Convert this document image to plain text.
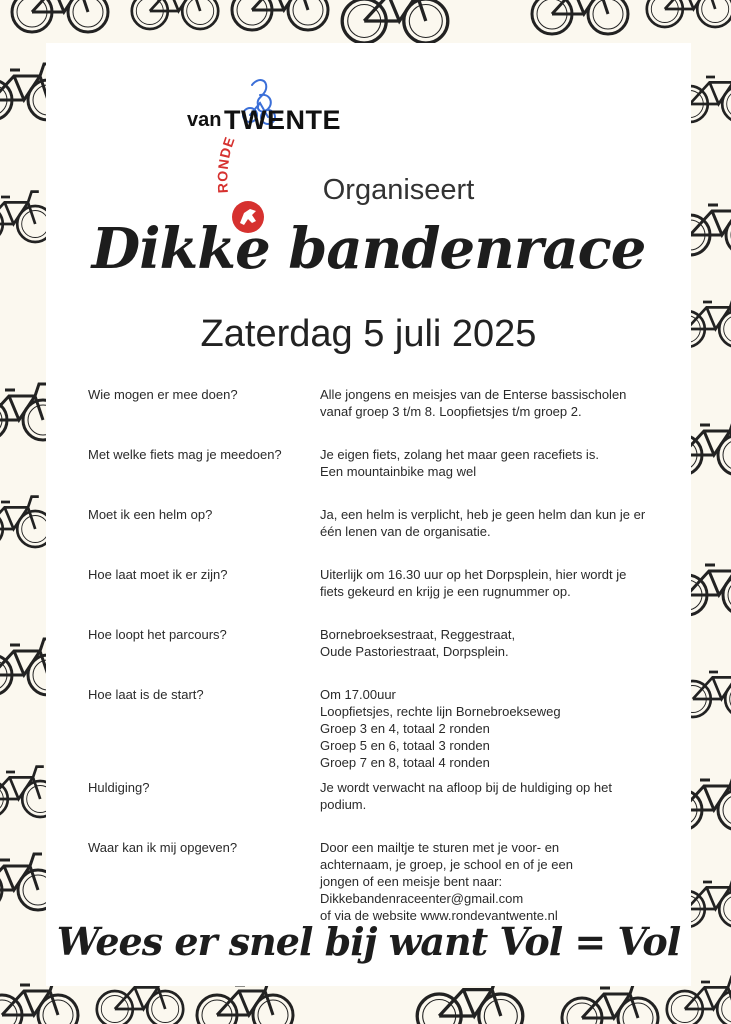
RONDE
van TWENTE
Organiseert
Dikke bandenrace
Zaterdag 5 juli 2025
Wie mogen er mee doen?	Alle jongens en meisjes van de Enterse bassischolen
vanaf groep 3 t/m 8. Loopfietsjes t/m groep 2.
Met welke fiets mag je meedoen?	Je eigen fiets, zolang het maar geen racefiets is.
Een mountainbike mag wel
Moet ik een helm op?	Ja, een helm is verplicht, heb je geen helm dan kun je er
één lenen van de organisatie.
Hoe laat moet ik er zijn?	Uiterlijk om 16.30 uur op het Dorpsplein, hier wordt je
fiets gekeurd en krijg je een rugnummer op.
Hoe loopt het parcours?	Bornebroeksestraat, Reggestraat,
Oude Pastoriestraat, Dorpsplein.
Hoe laat is de start?	Om 17.00uur
Loopfietsjes, rechte lijn Bornebroekseweg
Groep 3 en 4, totaal 2 ronden
Groep 5 en 6, totaal 3 ronden
Groep 7 en 8, totaal 4 ronden
Huldiging?	Je wordt verwacht na afloop bij de huldiging op het
podium.
Waar kan ik mij opgeven?	Door een mailtje te sturen met je voor- en
achternaam, je groep, je school en of je een
jongen of een meisje bent naar:
Dikkebandenraceenter@gmail.com
of via de website www.rondevantwente.nl
Wees er snel bij want Vol = Vol
